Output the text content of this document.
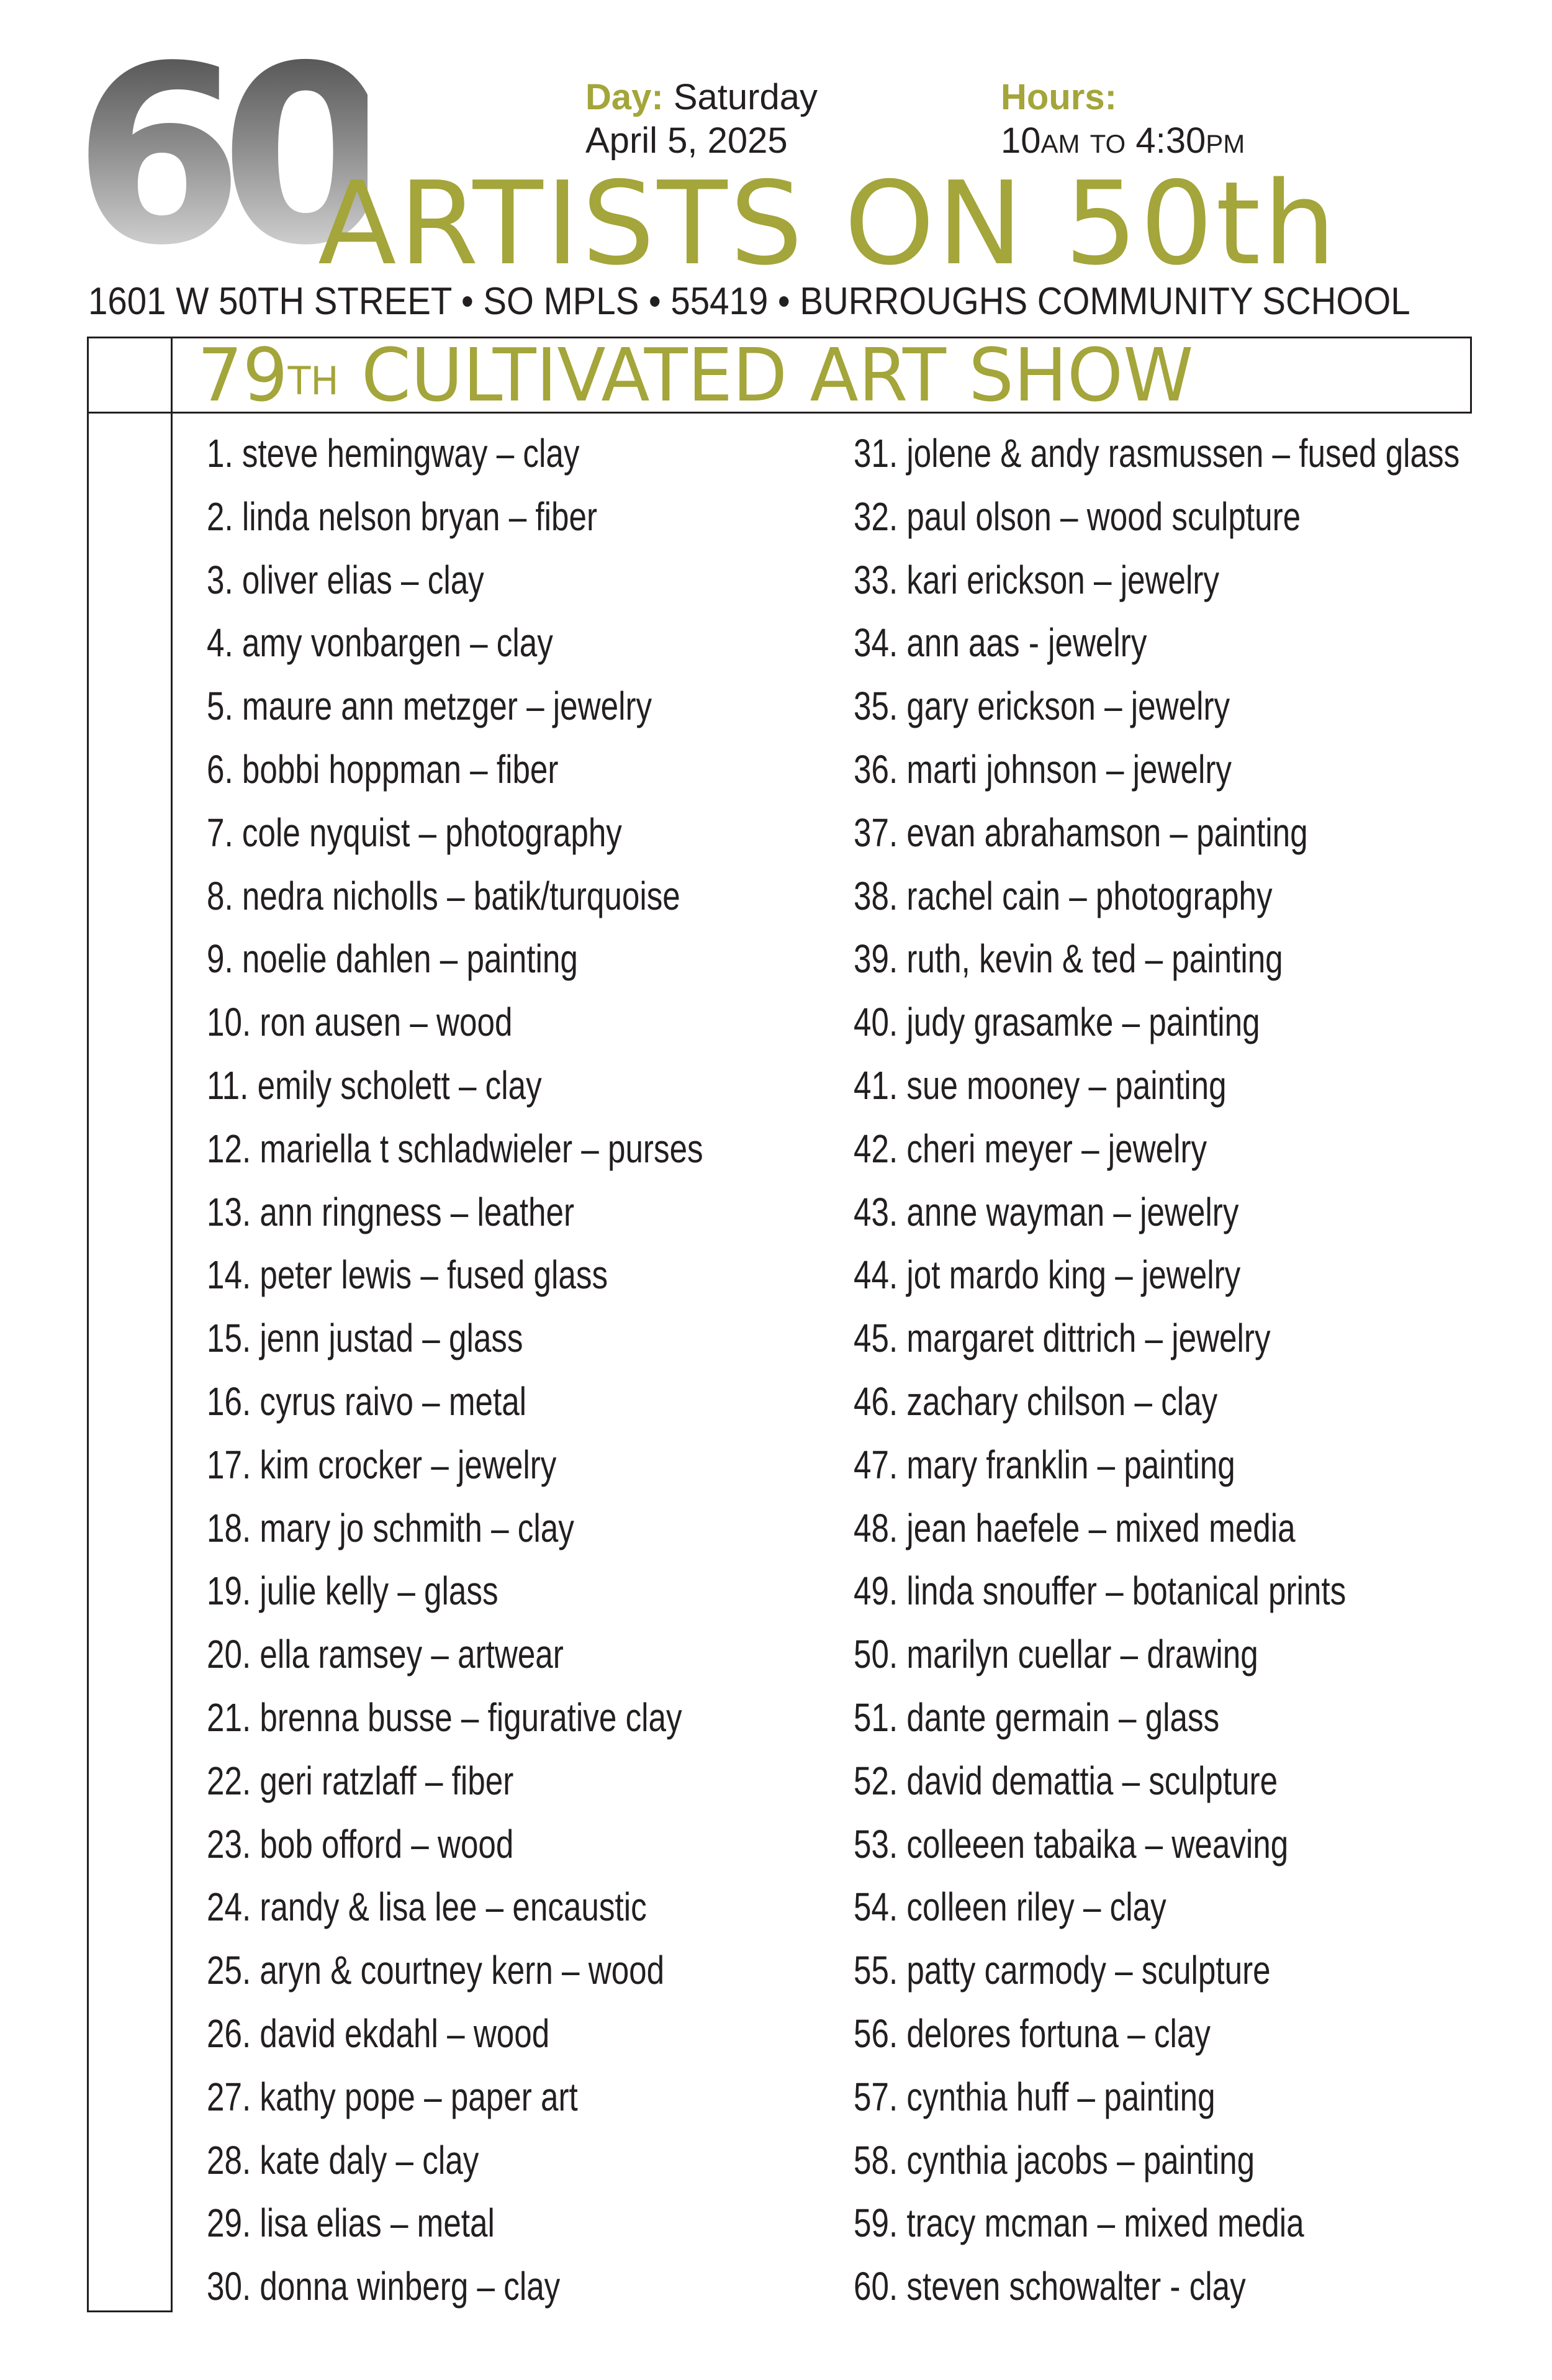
60	Day: Saturday
April 5, 2025
Hours:
10AM TO 4:30PM
ARTISTS ON 50th
1601 W 50TH STREET • SO MPLS • 55419 • BURROUGHS COMMUNITY SCHOOL
79TH CULTIVATED ART SHOW
1. steve hemingway – clay
2. linda nelson bryan – fiber
3. oliver elias – clay
4. amy vonbargen – clay
5. maure ann metzger – jewelry
6. bobbi hoppman – fiber
7. cole nyquist – photography
8. nedra nicholls – batik/turquoise
9. noelie dahlen – painting
10. ron ausen – wood
11. emily scholett – clay
12. mariella t schladwieler – purses
13. ann ringness – leather
14. peter lewis – fused glass
15. jenn justad – glass
16. cyrus raivo – metal
17. kim crocker – jewelry
18. mary jo schmith – clay
19. julie kelly – glass
20. ella ramsey – artwear
21. brenna busse – figurative clay
22. geri ratzlaff – fiber
23. bob offord – wood
24. randy & lisa lee – encaustic
25. aryn & courtney kern – wood
26. david ekdahl – wood
27. kathy pope – paper art
28. kate daly – clay
29. lisa elias – metal
30. donna winberg – clay
31. jolene & andy rasmussen – fused glass
32. paul olson – wood sculpture
33. kari erickson – jewelry
34. ann aas - jewelry
35. gary erickson – jewelry
36. marti johnson – jewelry
37. evan abrahamson – painting
38. rachel cain – photography
39. ruth, kevin & ted – painting
40. judy grasamke – painting
41. sue mooney – painting
42. cheri meyer – jewelry
43. anne wayman – jewelry
44. jot mardo king – jewelry
45. margaret dittrich – jewelry
46. zachary chilson – clay
47. mary franklin – painting
48. jean haefele – mixed media
49. linda snouffer – botanical prints
50. marilyn cuellar – drawing
51. dante germain – glass
52. david demattia – sculpture
53. colleeen tabaika – weaving
54. colleen riley – clay
55. patty carmody – sculpture
56. delores fortuna – clay
57. cynthia huff – painting
58. cynthia jacobs – painting
59. tracy mcman – mixed media
60. steven schowalter - clay
